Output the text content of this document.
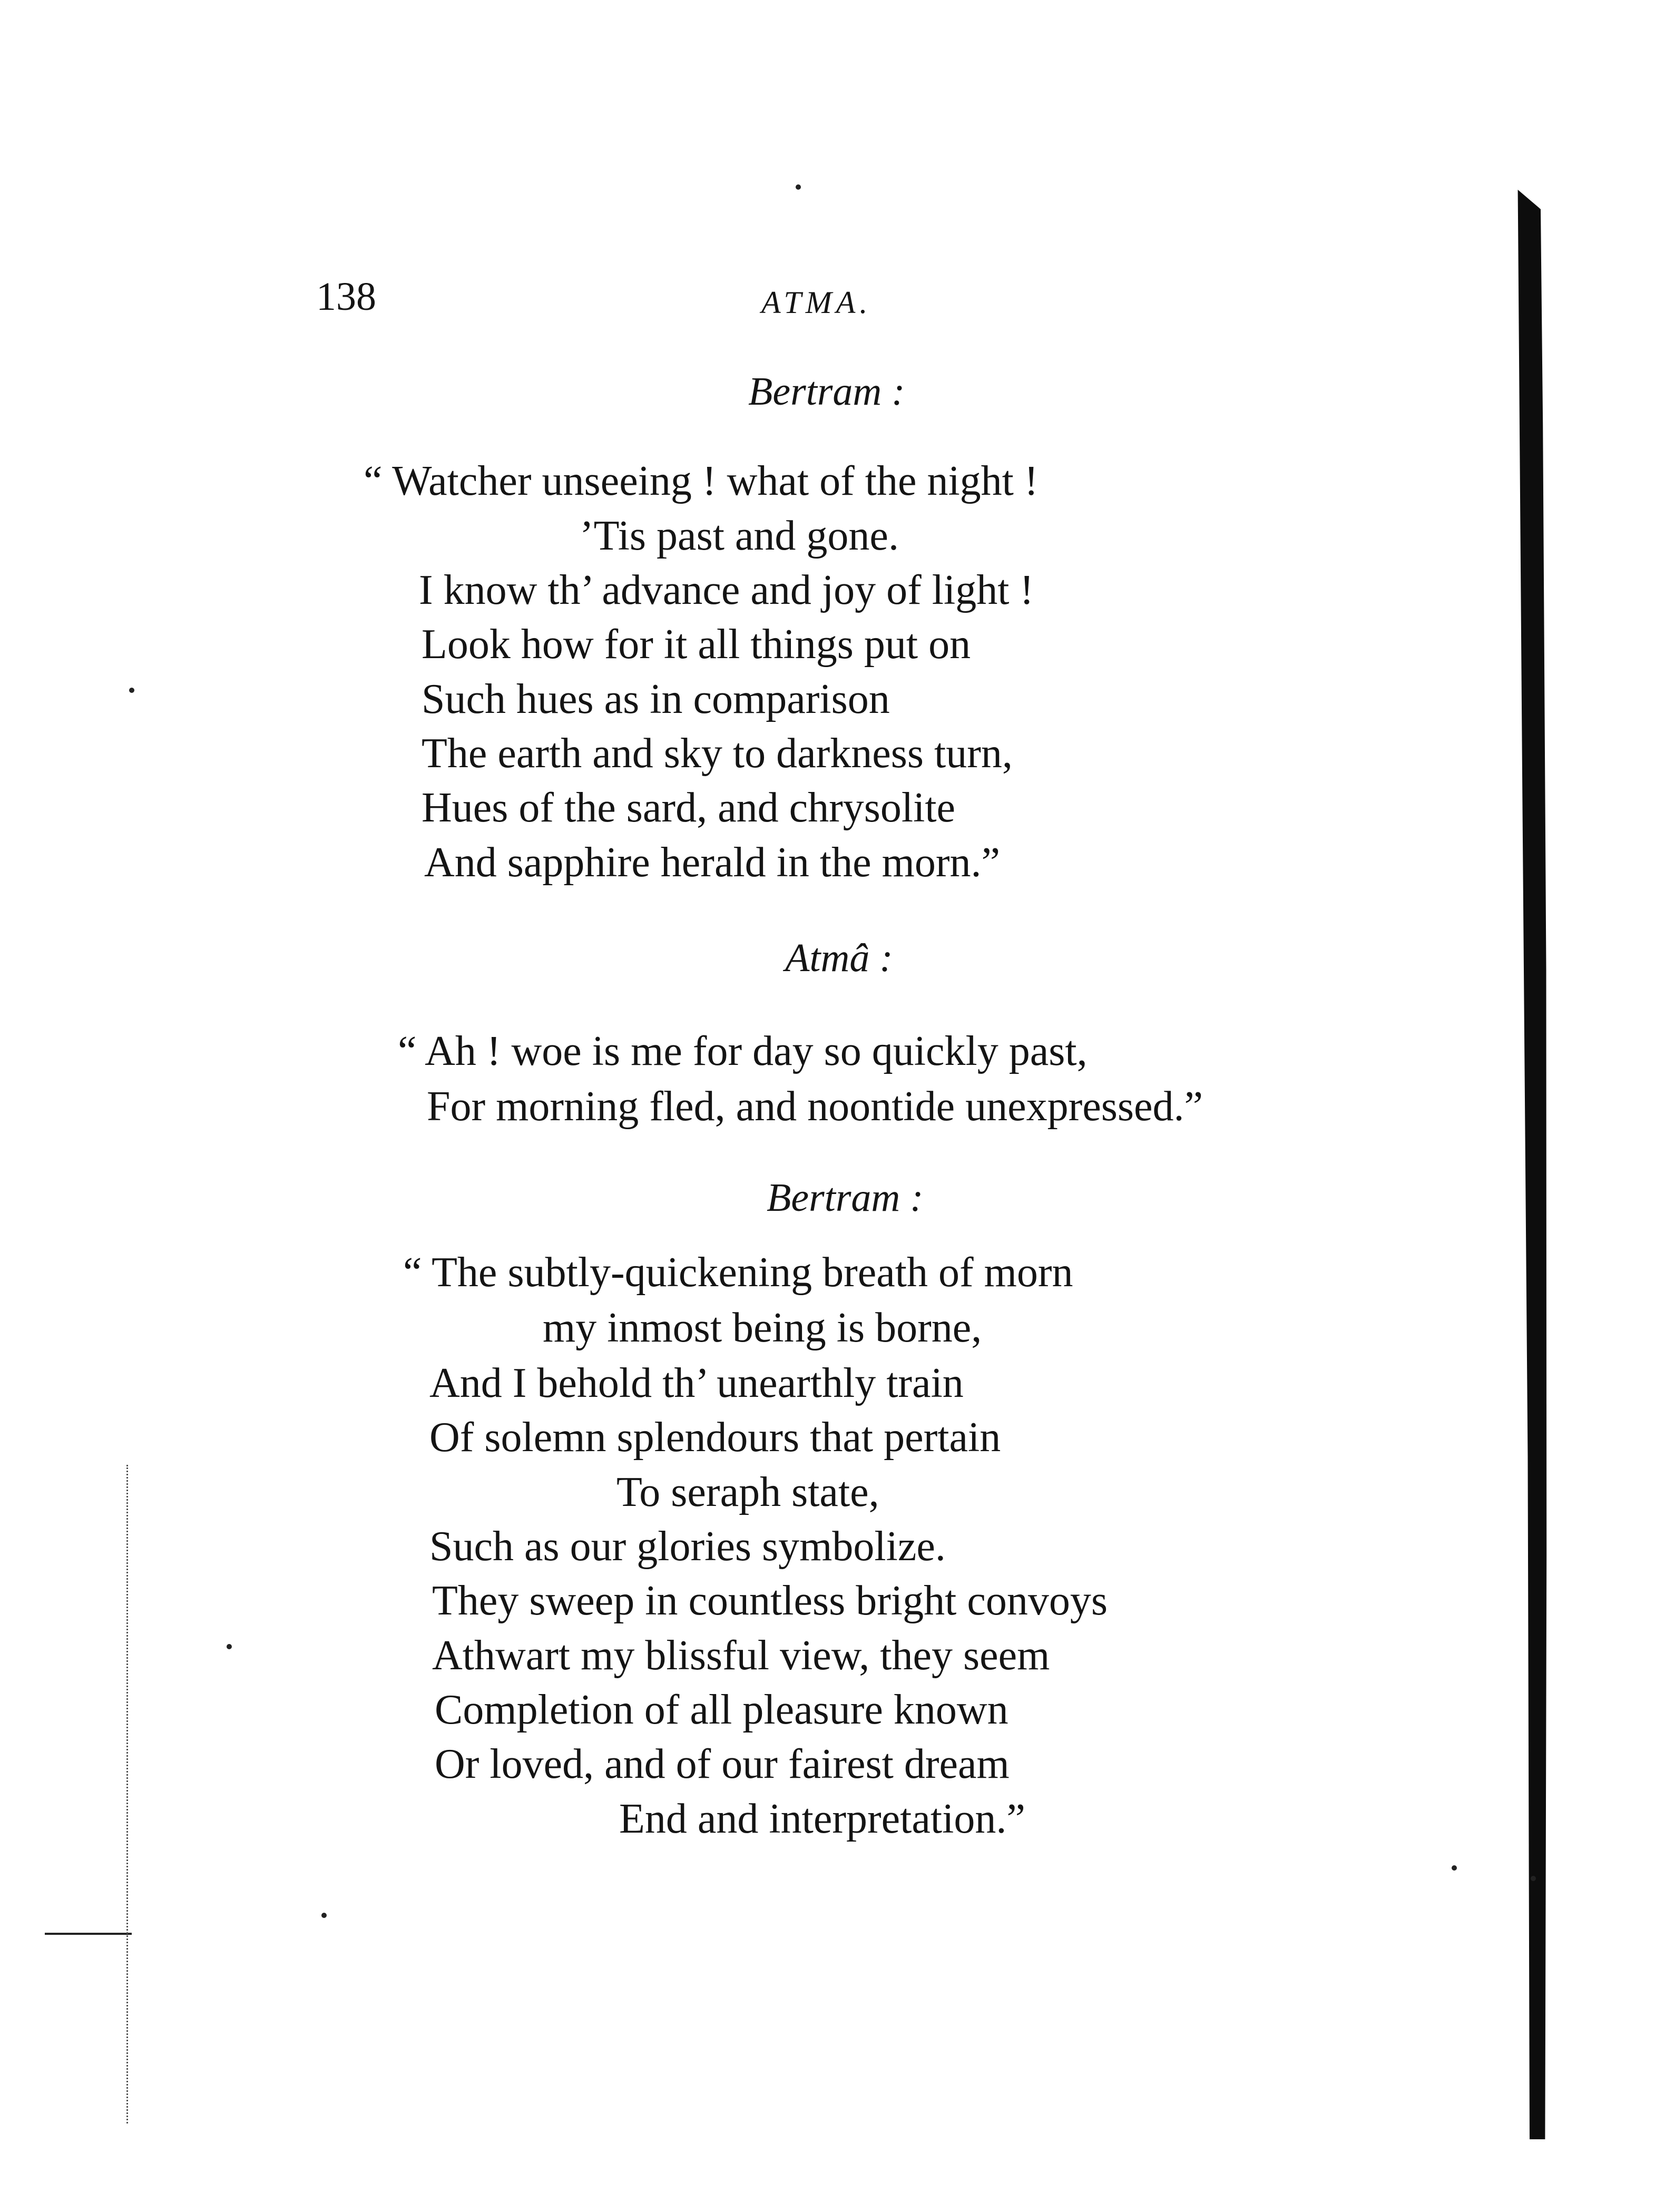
138	ATMA.
Bertram :
“ Watcher unseeing ! what of the night !
’Tis past and gone.
I know th’ advance and joy of light !
Look how for it all things put on
Such hues as in comparison
The earth and sky to darkness turn,
Hues of the sard, and chrysolite
And sapphire herald in the morn.”
Atmâ :
“ Ah ! woe is me for day so quickly past,
For morning fled, and noontide unexpressed.”
Bertram :
“ The subtly-quickening breath of morn
my inmost being is borne,
And I behold th’ unearthly train
Of solemn splendours that pertain
To seraph state,
Such as our glories symbolize.
They sweep in countless bright convoys
Athwart my blissful view, they seem
Completion of all pleasure known
Or loved, and of our fairest dream
End and interpretation.”
